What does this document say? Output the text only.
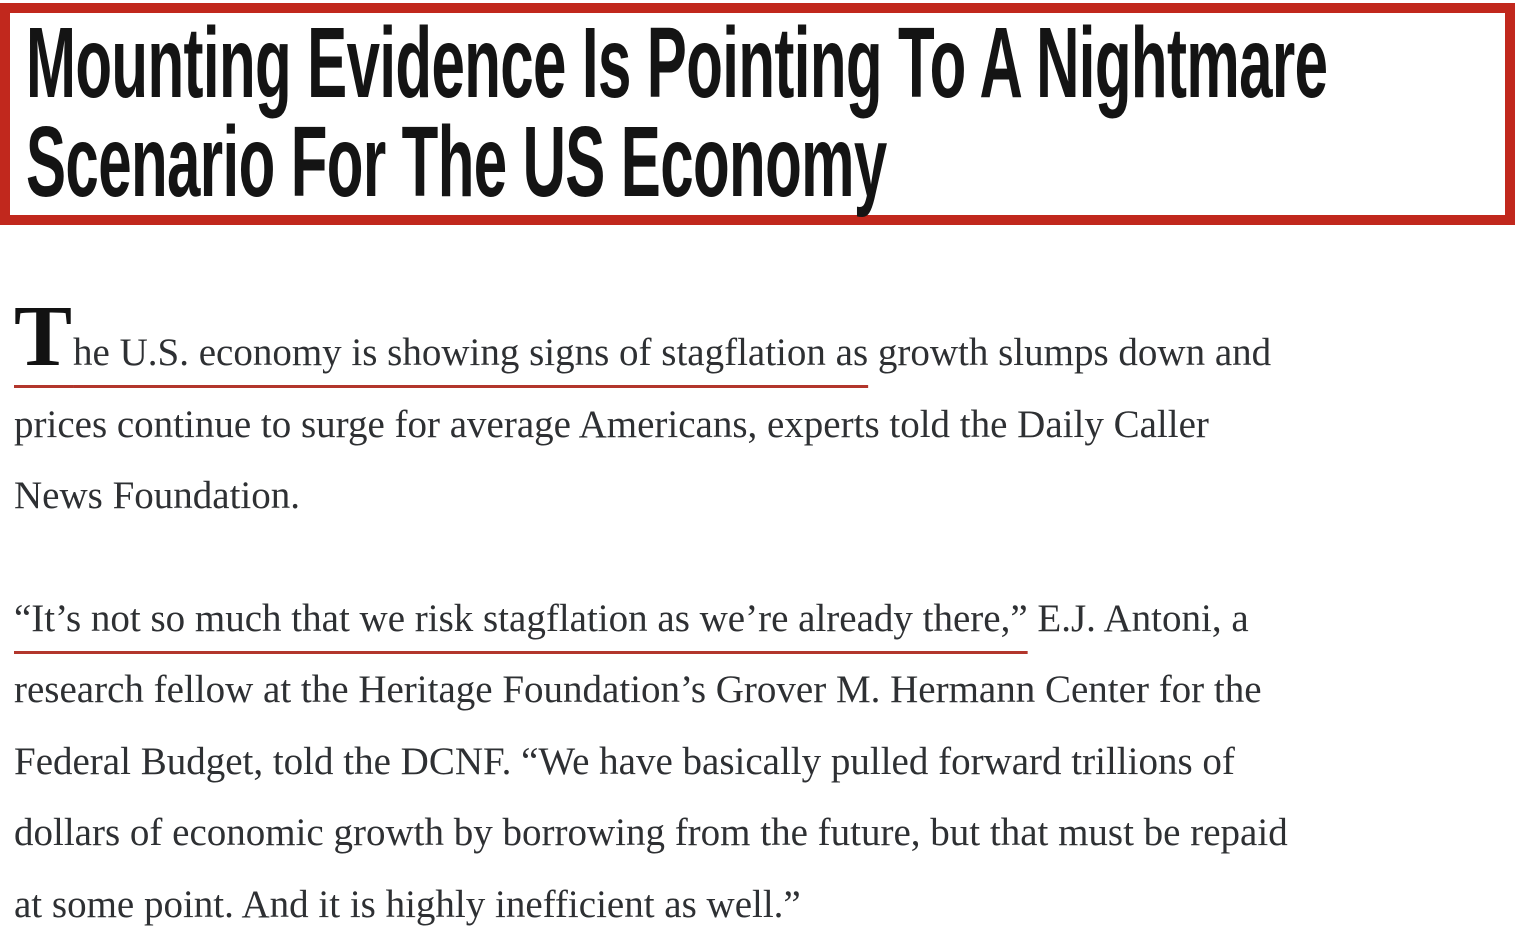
Mounting Evidence Is Pointing To A Nightmare
Scenario For The US Economy
The U.S. economy is showing signs of stagflation as growth slumps down and
prices continue to surge for average Americans, experts told the Daily Caller
News Foundation.
“It’s not so much that we risk stagflation as we’re already there,” E.J. Antoni, a
research fellow at the Heritage Foundation’s Grover M. Hermann Center for the
Federal Budget, told the DCNF. “We have basically pulled forward trillions of
dollars of economic growth by borrowing from the future, but that must be repaid
at some point. And it is highly inefficient as well.”
